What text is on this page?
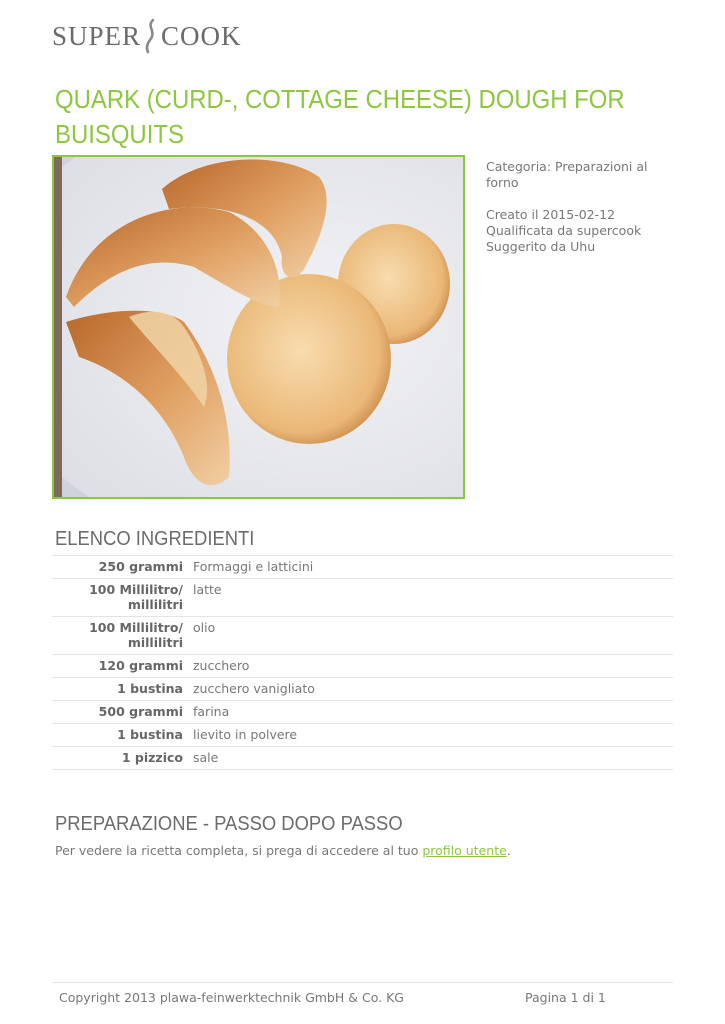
SUPER COOK
QUARK (CURD-, COTTAGE CHEESE) DOUGH FOR BUISQUITS

Categoria: Preparazioni al forno

Creato il 2015-02-12

Qualificata da supercook

Suggerito da Uhu

ELENCO INGREDIENTI
250 grammi	Formaggi e latticini
100 Millilitro/ millilitri	latte
100 Millilitro/ millilitri	olio
120 grammi	zucchero
1 bustina	zucchero vanigliato
500 grammi	farina
1 bustina	lievito in polvere
1 pizzico	sale
PREPARAZIONE - PASSO DOPO PASSO

Per vedere la ricetta completa, si prega di accedere al tuo profilo utente.

Copyright 2013 plawa-feinwerktechnik GmbH & Co. KG	Pagina 1 di 1
